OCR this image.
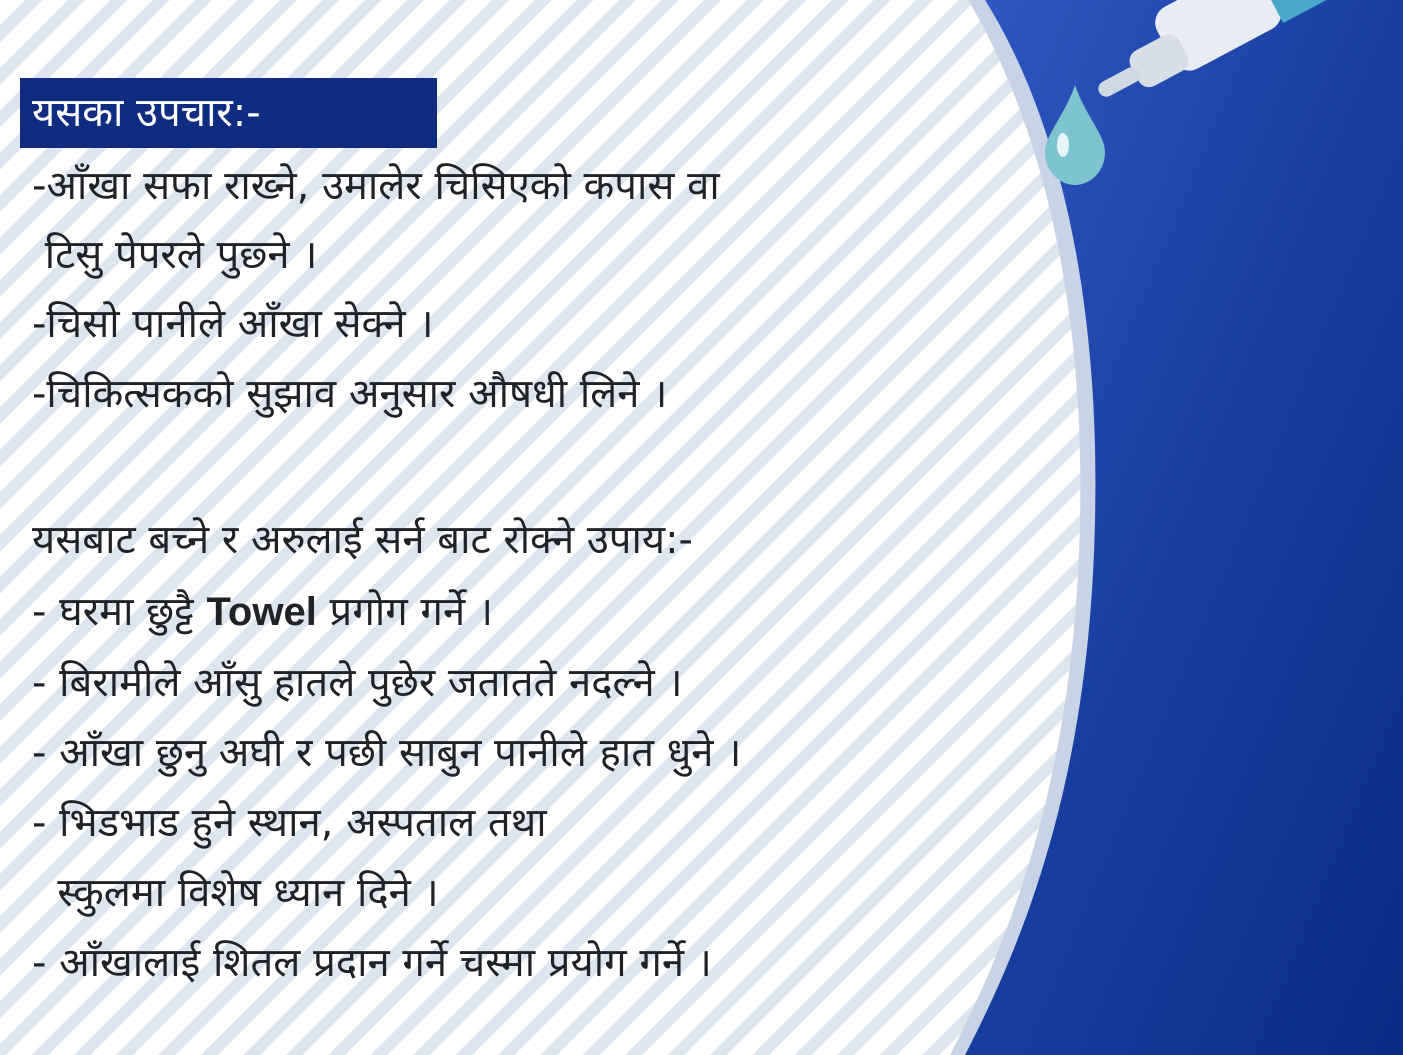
यसका उपचार:-
-आँखा सफा राख्ने, उमालेर चिसिएको कपास वा
टिसु पेपरले पुछ्ने ।
-चिसो पानीले आँखा सेक्ने ।
-चिकित्सकको सुझाव अनुसार औषधी लिने ।
यसबाट बच्ने र अरुलाई सर्न बाट रोक्ने उपाय:-
- घरमा छुट्टै Towel प्रगोग गर्ने ।
- बिरामीले आँसु हातले पुछेर जतातते नदल्ने ।
- आँखा छुनु अघी र पछी साबुन पानीले हात धुने ।
- भिडभाड हुने स्थान, अस्पताल तथा
स्कुलमा विशेष ध्यान दिने ।
- आँखालाई शितल प्रदान गर्ने चस्मा प्रयोग गर्ने ।
